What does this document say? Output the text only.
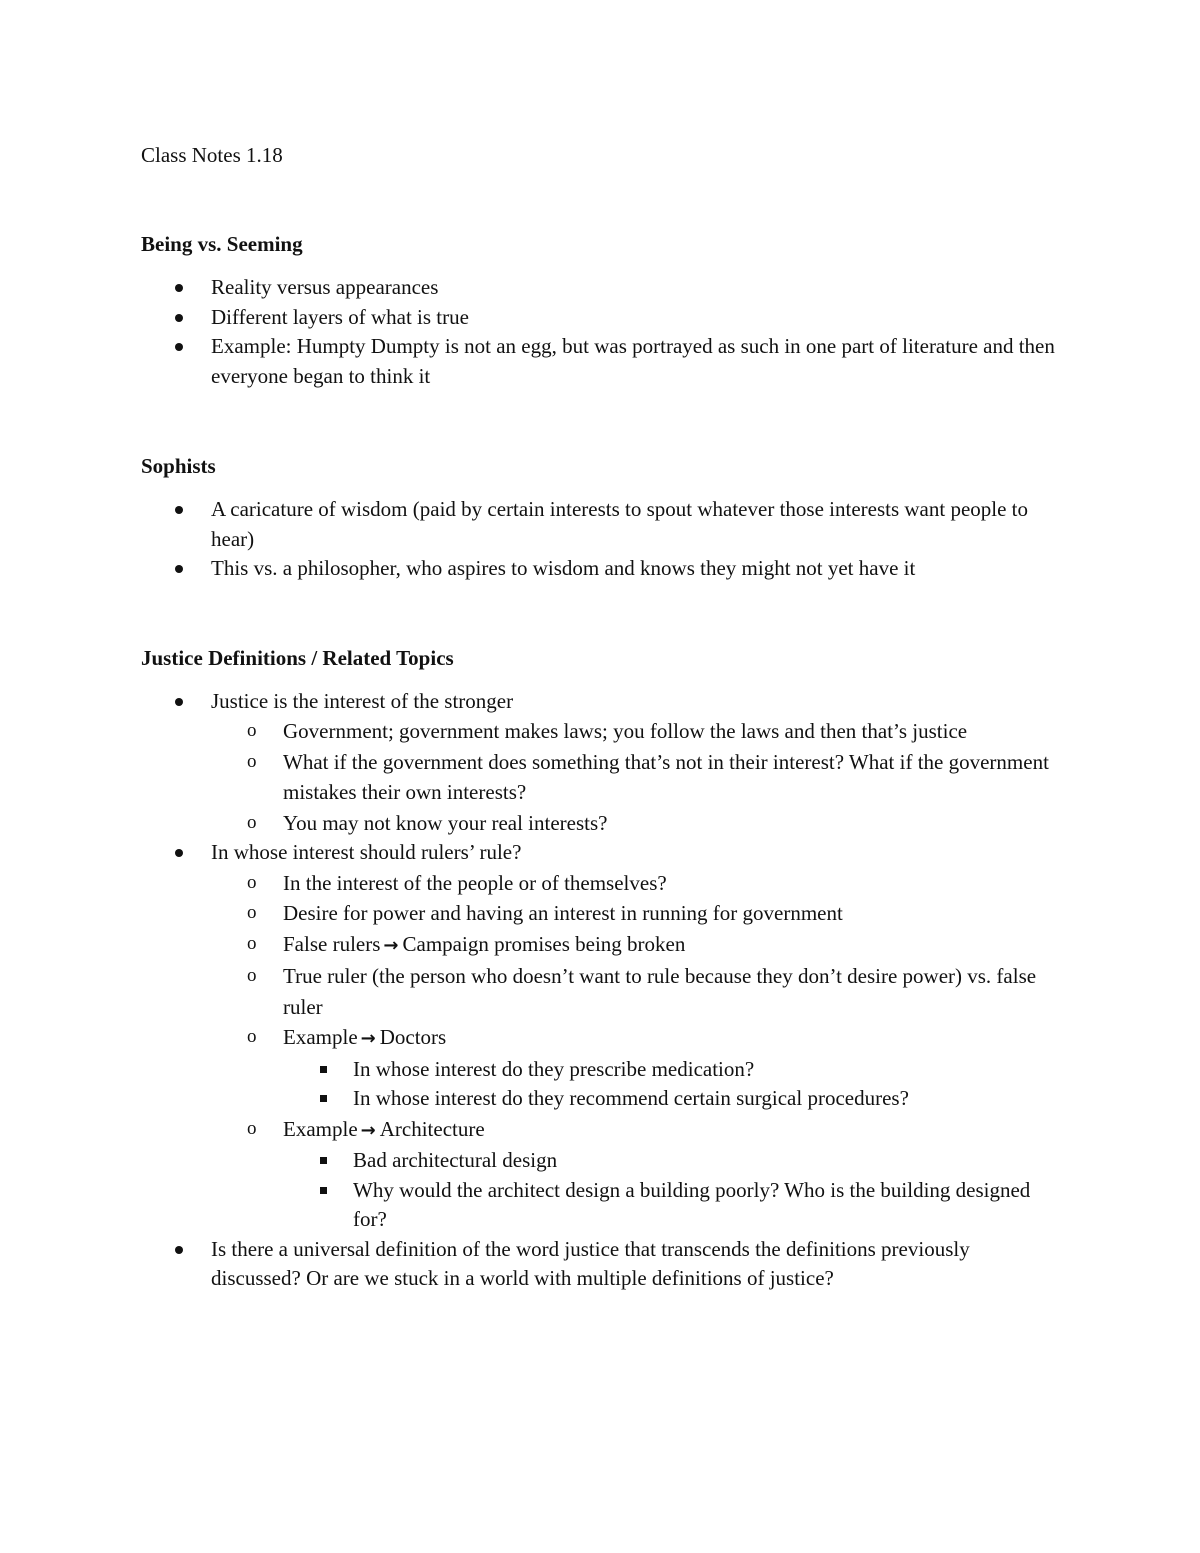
Class Notes 1.18

Being vs. Seeming

Reality versus appearances
Different layers of what is true
Example: Humpty Dumpty is not an egg, but was portrayed as such in one part of literature and then everyone began to think it

Sophists

A caricature of wisdom (paid by certain interests to spout whatever those interests want people to hear)
This vs. a philosopher, who aspires to wisdom and knows they might not yet have it

Justice Definitions / Related Topics

Justice is the interest of the stronger
o Government; government makes laws; you follow the laws and then that’s justice
o What if the government does something that’s not in their interest? What if the government mistakes their own interests?
o You may not know your real interests?
In whose interest should rulers’ rule?
o In the interest of the people or of themselves?
o Desire for power and having an interest in running for government
o False rulers → Campaign promises being broken
o True ruler (the person who doesn’t want to rule because they don’t desire power) vs. false ruler
o Example → Doctors
In whose interest do they prescribe medication?
In whose interest do they recommend certain surgical procedures?
o Example → Architecture
Bad architectural design
Why would the architect design a building poorly? Who is the building designed for?
Is there a universal definition of the word justice that transcends the definitions previously discussed? Or are we stuck in a world with multiple definitions of justice?
